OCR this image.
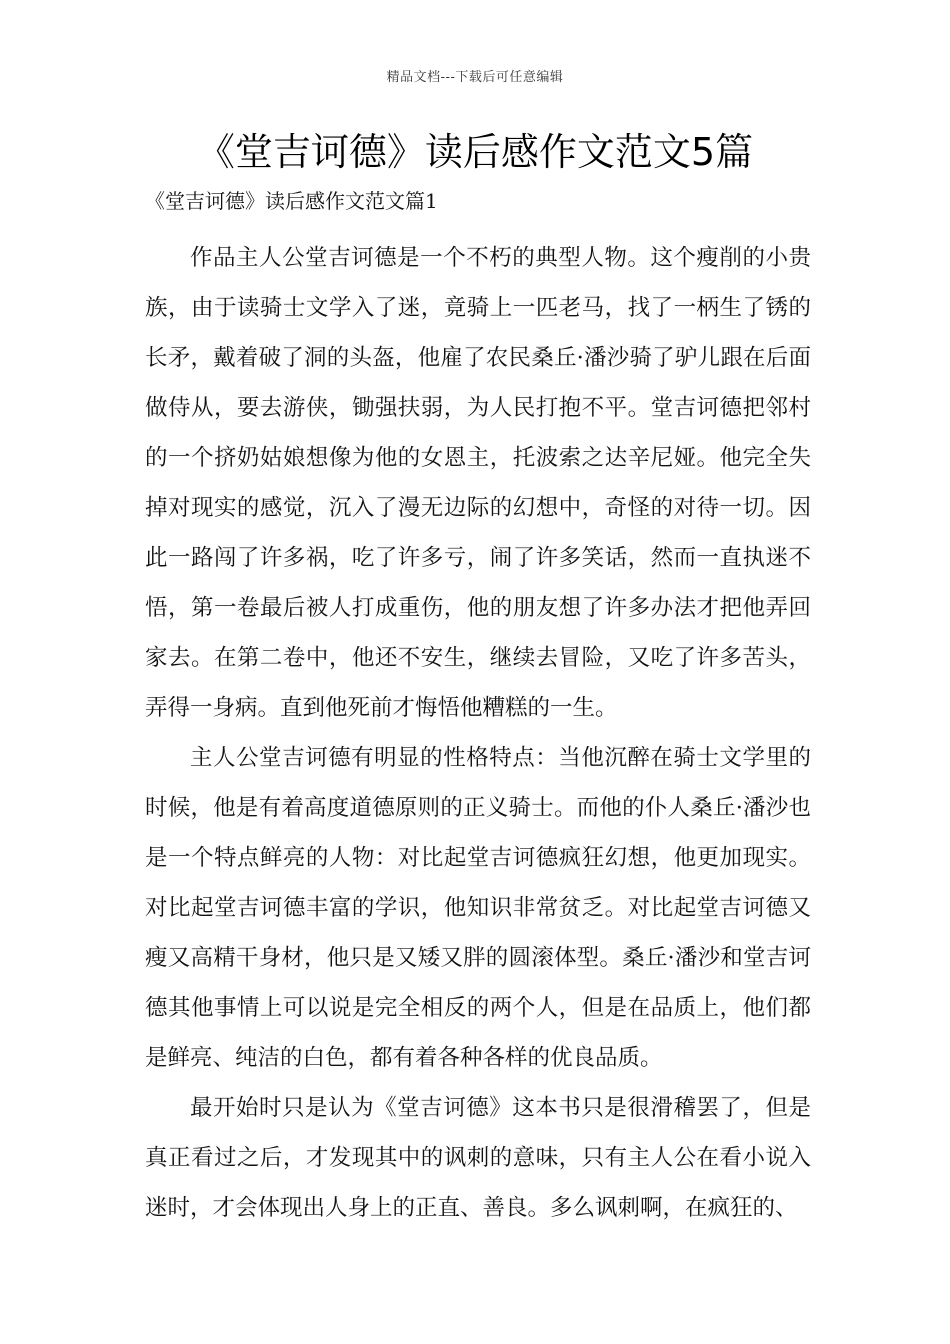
精品文档---下载后可任意编辑
《堂吉诃德》读后感作文范文5篇
《堂吉诃德》读后感作文范文篇1

作品主人公堂吉诃德是一个不朽的典型人物。这个瘦削的小贵族，由于读骑士文学入了迷，竟骑上一匹老马，找了一柄生了锈的长矛，戴着破了洞的头盔，他雇了农民桑丘·潘沙骑了驴儿跟在后面做侍从，要去游侠，锄强扶弱，为人民打抱不平。堂吉诃德把邻村的一个挤奶姑娘想像为他的女恩主，托波索之达辛尼娅。他完全失掉对现实的感觉，沉入了漫无边际的幻想中，奇怪的对待一切。因此一路闯了许多祸，吃了许多亏，闹了许多笑话，然而一直执迷不悟，第一卷最后被人打成重伤，他的朋友想了许多办法才把他弄回家去。在第二卷中，他还不安生，继续去冒险，又吃了许多苦头，弄得一身病。直到他死前才悔悟他糟糕的一生。

主人公堂吉诃德有明显的性格特点：当他沉醉在骑士文学里的时候，他是有着高度道德原则的正义骑士。而他的仆人桑丘·潘沙也是一个特点鲜亮的人物：对比起堂吉诃德疯狂幻想，他更加现实。对比起堂吉诃德丰富的学识，他知识非常贫乏。对比起堂吉诃德又瘦又高精干身材，他只是又矮又胖的圆滚体型。桑丘·潘沙和堂吉诃德其他事情上可以说是完全相反的两个人，但是在品质上，他们都是鲜亮、纯洁的白色，都有着各种各样的优良品质。

最开始时只是认为《堂吉诃德》这本书只是很滑稽罢了，但是真正看过之后，才发现其中的讽刺的意味，只有主人公在看小说入迷时，才会体现出人身上的正直、善良。多么讽刺啊，在疯狂的、
